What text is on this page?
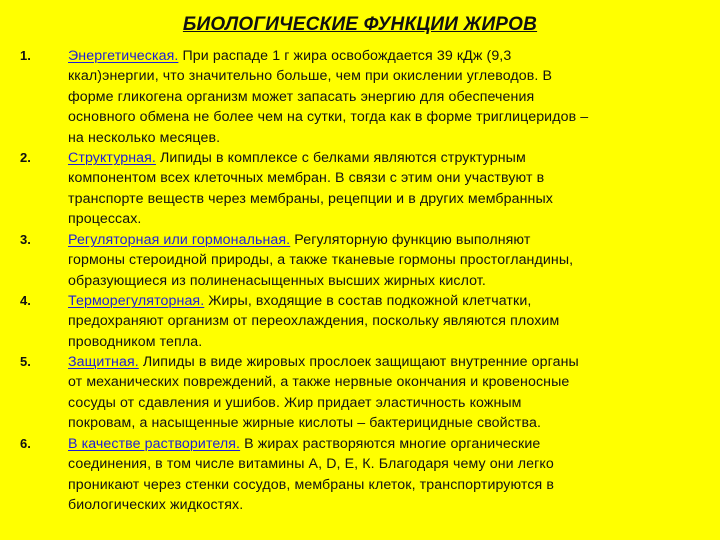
БИОЛОГИЧЕСКИЕ ФУНКЦИИ ЖИРОВ
1.	Энергетическая. При распаде 1 г жира освобождается 39 кДж (9,3
ккал)энергии, что значительно больше, чем при окислении углеводов. В
форме гликогена организм может запасать энергию для обеспечения
основного обмена не более чем на сутки, тогда как в форме триглицеридов –
на несколько месяцев.
2.	Структурная. Липиды в комплексе с белками являются структурным
компонентом всех клеточных мембран. В связи с этим они участвуют в
транспорте веществ через мембраны, рецепции и в других мембранных
процессах.
3.	Регуляторная или гормональная. Регуляторную функцию выполняют
гормоны стероидной природы, а также тканевые гормоны простогландины,
образующиеся из полиненасыщенных высших жирных кислот.
4.	Терморегуляторная. Жиры, входящие в состав подкожной клетчатки,
предохраняют организм от переохлаждения, поскольку являются плохим
проводником тепла.
5.	Защитная. Липиды в виде жировых прослоек защищают внутренние органы
от механических повреждений, а также нервные окончания и кровеносные
сосуды от сдавления и ушибов. Жир придает эластичность кожным
покровам, а насыщенные жирные кислоты – бактерицидные свойства.
6.	В качестве растворителя. В жирах растворяются многие органические
соединения, в том числе витамины А, D, Е, К. Благодаря чему они легко
проникают через стенки сосудов, мембраны клеток, транспортируются в
биологических жидкостях.
